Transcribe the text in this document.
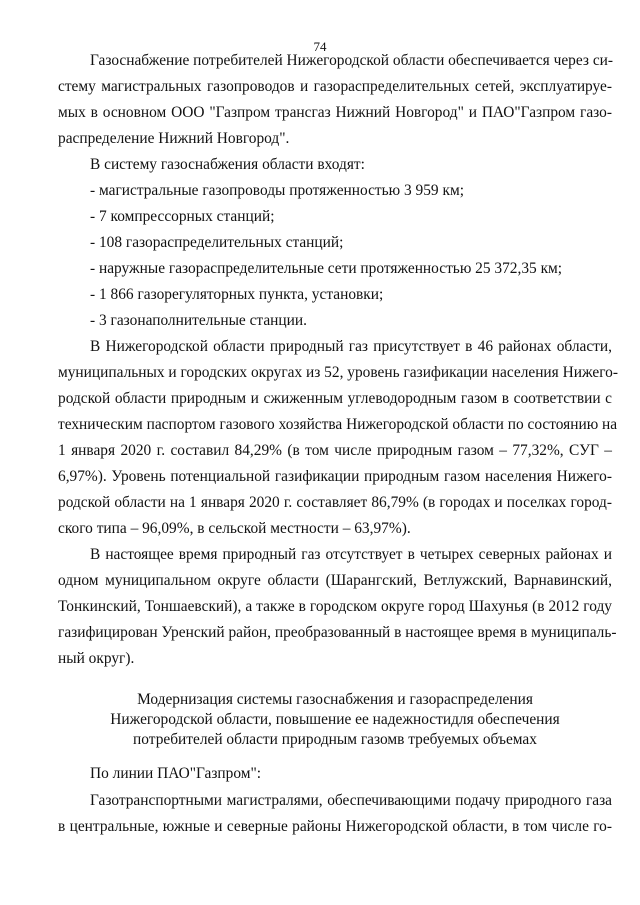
74
Газоснабжение потребителей Нижегородской области обеспечивается через си-
стему магистральных газопроводов и газораспределительных сетей, эксплуатируе-
мых в основном ООО "Газпром трансгаз Нижний Новгород" и ПАО"Газпром газо-
распределение Нижний Новгород".
В систему газоснабжения области входят:
- магистральные газопроводы протяженностью 3 959 км;
- 7 компрессорных станций;
- 108 газораспределительных станций;
- наружные газораспределительные сети протяженностью 25 372,35 км;
- 1 866 газорегуляторных пункта, установки;
- 3 газонаполнительные станции.
В Нижегородской области природный газ присутствует в 46 районах области,
муниципальных и городских округах из 52, уровень газификации населения Нижего-
родской области природным и сжиженным углеводородным газом в соответствии с
техническим паспортом газового хозяйства Нижегородской области по состоянию на
1 января 2020 г. составил 84,29% (в том числе природным газом – 77,32%, СУГ –
6,97%). Уровень потенциальной газификации природным газом населения Нижего-
родской области на 1 января 2020 г. составляет 86,79% (в городах и поселках город-
ского типа – 96,09%, в сельской местности – 63,97%).
В настоящее время природный газ отсутствует в четырех северных районах и
одном муниципальном округе области (Шарангский, Ветлужский, Варнавинский,
Тонкинский, Тоншаевский), а также в городском округе город Шахунья (в 2012 году
газифицирован Уренский район, преобразованный в настоящее время в муниципаль-
ный округ).
Модернизация системы газоснабжения и газораспределения
Нижегородской области, повышение ее надежностидля обеспечения
потребителей области природным газомв требуемых объемах
По линии ПАО"Газпром":
Газотранспортными магистралями, обеспечивающими подачу природного газа
в центральные, южные и северные районы Нижегородской области, в том числе го-
